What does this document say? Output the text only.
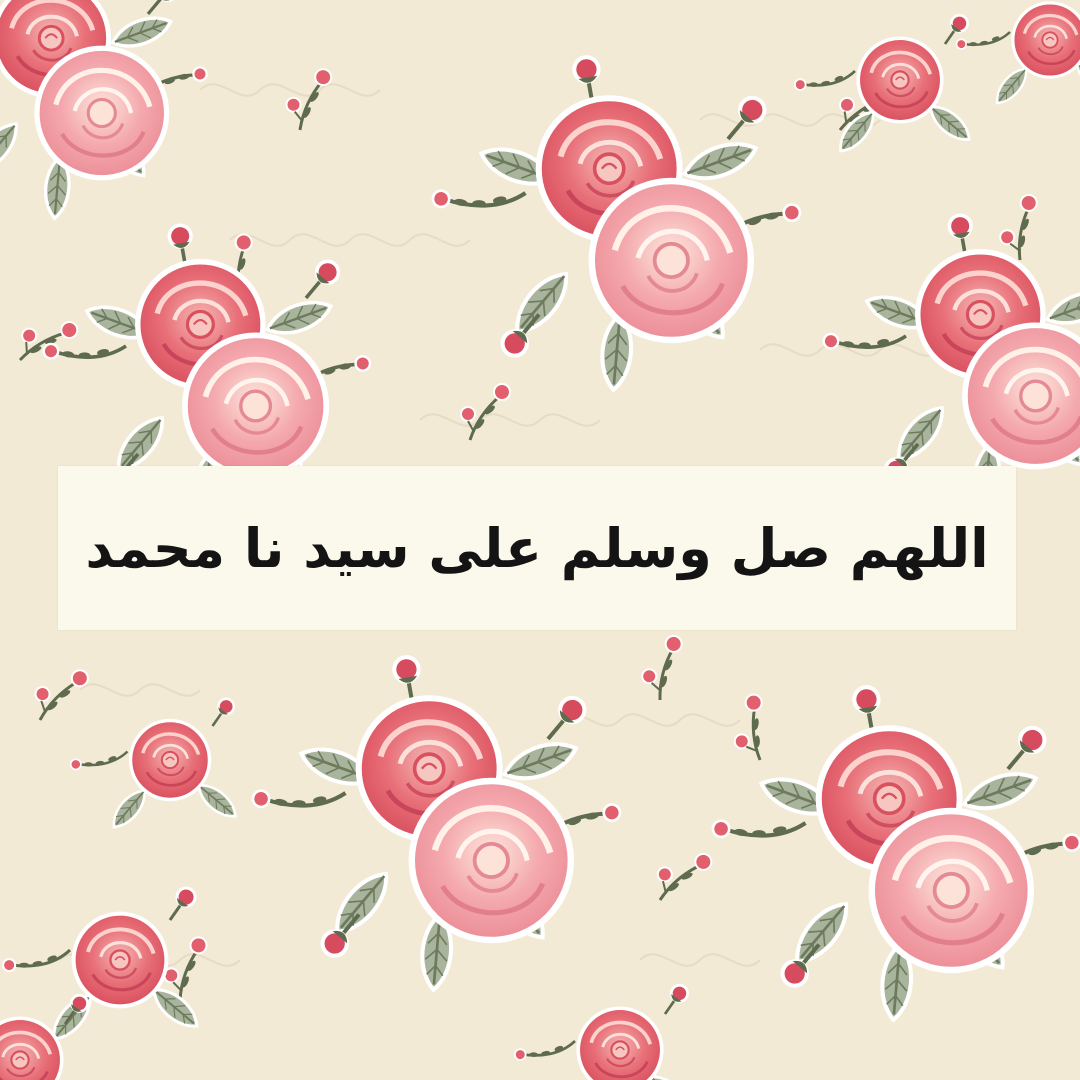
اللهم صل وسلم على سيد نا محمد
